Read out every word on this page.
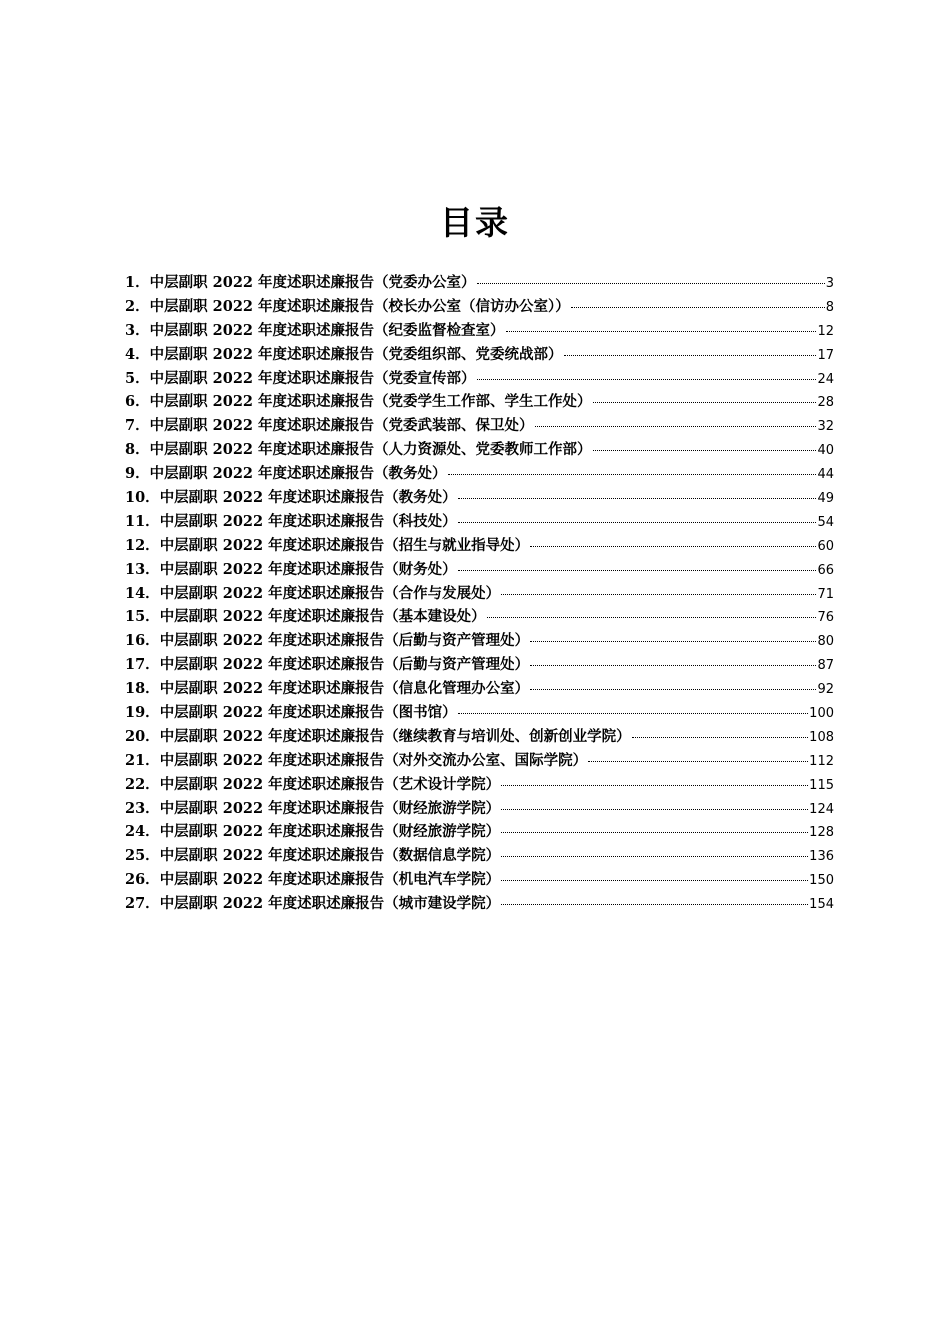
目录
1． 中层副职 2022 年度述职述廉报告（党委办公室）	3
2． 中层副职 2022 年度述职述廉报告（校长办公室（信访办公室））	8
3． 中层副职 2022 年度述职述廉报告（纪委监督检查室）	12
4． 中层副职 2022 年度述职述廉报告（党委组织部、党委统战部）	17
5． 中层副职 2022 年度述职述廉报告（党委宣传部）	24
6． 中层副职 2022 年度述职述廉报告（党委学生工作部、学生工作处）	28
7． 中层副职 2022 年度述职述廉报告（党委武装部、保卫处）	32
8． 中层副职 2022 年度述职述廉报告（人力资源处、党委教师工作部）	40
9． 中层副职 2022 年度述职述廉报告（教务处）	44
10． 中层副职 2022 年度述职述廉报告（教务处）	49
11． 中层副职 2022 年度述职述廉报告（科技处）	54
12． 中层副职 2022 年度述职述廉报告（招生与就业指导处）	60
13． 中层副职 2022 年度述职述廉报告（财务处）	66
14． 中层副职 2022 年度述职述廉报告（合作与发展处）	71
15． 中层副职 2022 年度述职述廉报告（基本建设处）	76
16． 中层副职 2022 年度述职述廉报告（后勤与资产管理处）	80
17． 中层副职 2022 年度述职述廉报告（后勤与资产管理处）	87
18． 中层副职 2022 年度述职述廉报告（信息化管理办公室）	92
19． 中层副职 2022 年度述职述廉报告（图书馆）	100
20． 中层副职 2022 年度述职述廉报告（继续教育与培训处、创新创业学院）	108
21． 中层副职 2022 年度述职述廉报告（对外交流办公室、国际学院）	112
22． 中层副职 2022 年度述职述廉报告（艺术设计学院）	115
23． 中层副职 2022 年度述职述廉报告（财经旅游学院）	124
24． 中层副职 2022 年度述职述廉报告（财经旅游学院）	128
25． 中层副职 2022 年度述职述廉报告（数据信息学院）	136
26． 中层副职 2022 年度述职述廉报告（机电汽车学院）	150
27． 中层副职 2022 年度述职述廉报告（城市建设学院）	154
